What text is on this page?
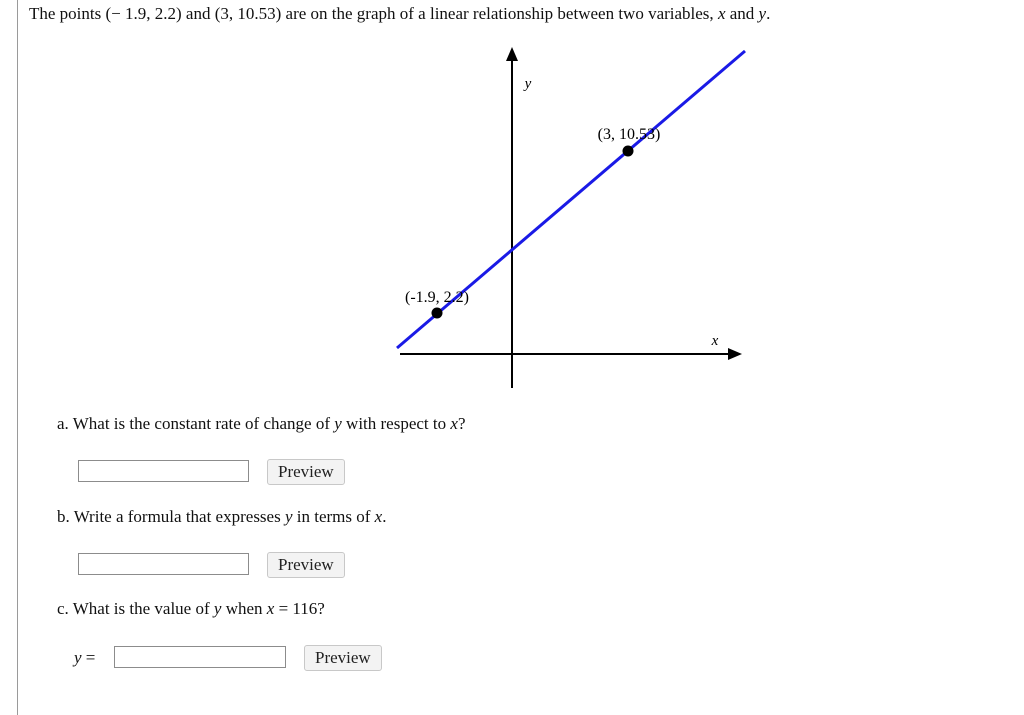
The points (− 1.9, 2.2) and (3, 10.53) are on the graph of a linear relationship between two variables, x and y.
y
x
(-1.9, 2.2)
(3, 10.53)
a. What is the constant rate of change of y with respect to x?
Preview
b. Write a formula that expresses y in terms of x.
Preview
c. What is the value of y when x = 116?
y =	Preview
